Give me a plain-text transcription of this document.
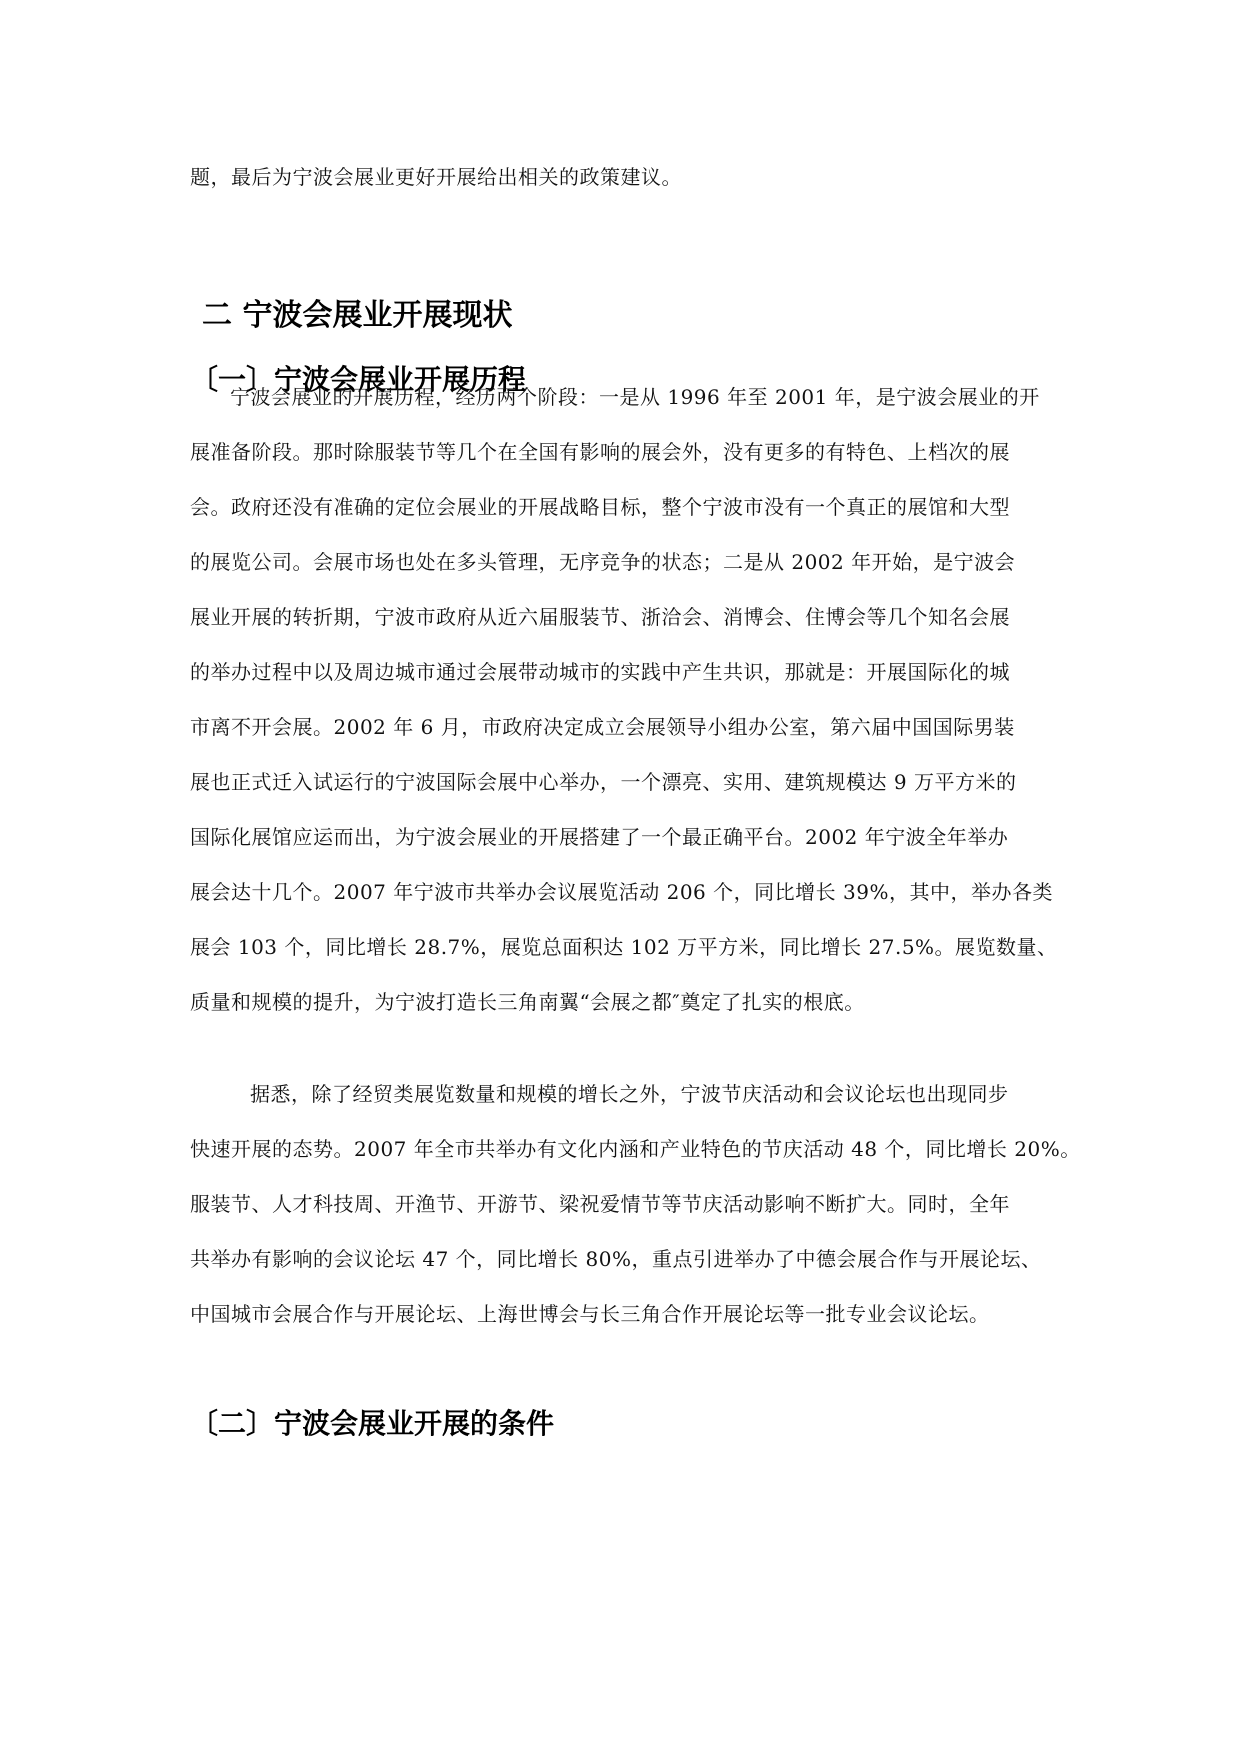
题，最后为宁波会展业更好开展给出相关的政策建议。
二 宁波会展业开展现状
〔一〕宁波会展业开展历程
宁波会展业的开展历程，经历两个阶段：一是从 1996 年至 2001 年，是宁波会展业的开
展准备阶段。那时除服装节等几个在全国有影响的展会外，没有更多的有特色、上档次的展
会。政府还没有准确的定位会展业的开展战略目标，整个宁波市没有一个真正的展馆和大型
的展览公司。会展市场也处在多头管理，无序竞争的状态；二是从 2002 年开始，是宁波会
展业开展的转折期，宁波市政府从近六届服装节、浙洽会、消博会、住博会等几个知名会展
的举办过程中以及周边城市通过会展带动城市的实践中产生共识，那就是：开展国际化的城
市离不开会展。2002 年 6 月，市政府决定成立会展领导小组办公室，第六届中国国际男装
展也正式迁入试运行的宁波国际会展中心举办，一个漂亮、实用、建筑规模达 9 万平方米的
国际化展馆应运而出，为宁波会展业的开展搭建了一个最正确平台。2002 年宁波全年举办
展会达十几个。2007 年宁波市共举办会议展览活动 206 个，同比增长 39%，其中，举办各类
展会 103 个，同比增长 28.7%，展览总面积达 102 万平方米，同比增长 27.5%。展览数量、
质量和规模的提升，为宁波打造长三角南翼“会展之都″奠定了扎实的根底。
据悉，除了经贸类展览数量和规模的增长之外，宁波节庆活动和会议论坛也出现同步
快速开展的态势。2007 年全市共举办有文化内涵和产业特色的节庆活动 48 个，同比增长 20%。
服装节、人才科技周、开渔节、开游节、梁祝爱情节等节庆活动影响不断扩大。同时，全年
共举办有影响的会议论坛 47 个，同比增长 80%，重点引进举办了中德会展合作与开展论坛、
中国城市会展合作与开展论坛、上海世博会与长三角合作开展论坛等一批专业会议论坛。
〔二〕宁波会展业开展的条件
